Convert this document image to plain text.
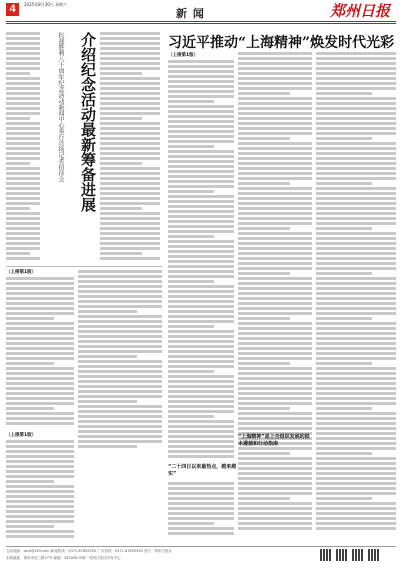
4	2025年8月30日 星期六
新 闻	郑州日报
介绍纪念活动最新筹备进展
抗战胜利八十周年纪念活动新闻中心举行首场记者招待会
（上接第1版）
（上接第1版）
习近平推动“上海精神”焕发时代光彩
（上接第1版）
“二十四日以来最热点，越来越实”
“上海精神”是上合组织发展的根本遵循和行动指南
互动电邮：zzrb@163.com 新闻热线：0371-67655555 广告热线：0371-67655555 发行：郑州日报社
本报地址：郑州市经三路27号 邮编：450008 印刷：郑州日报社印务中心
